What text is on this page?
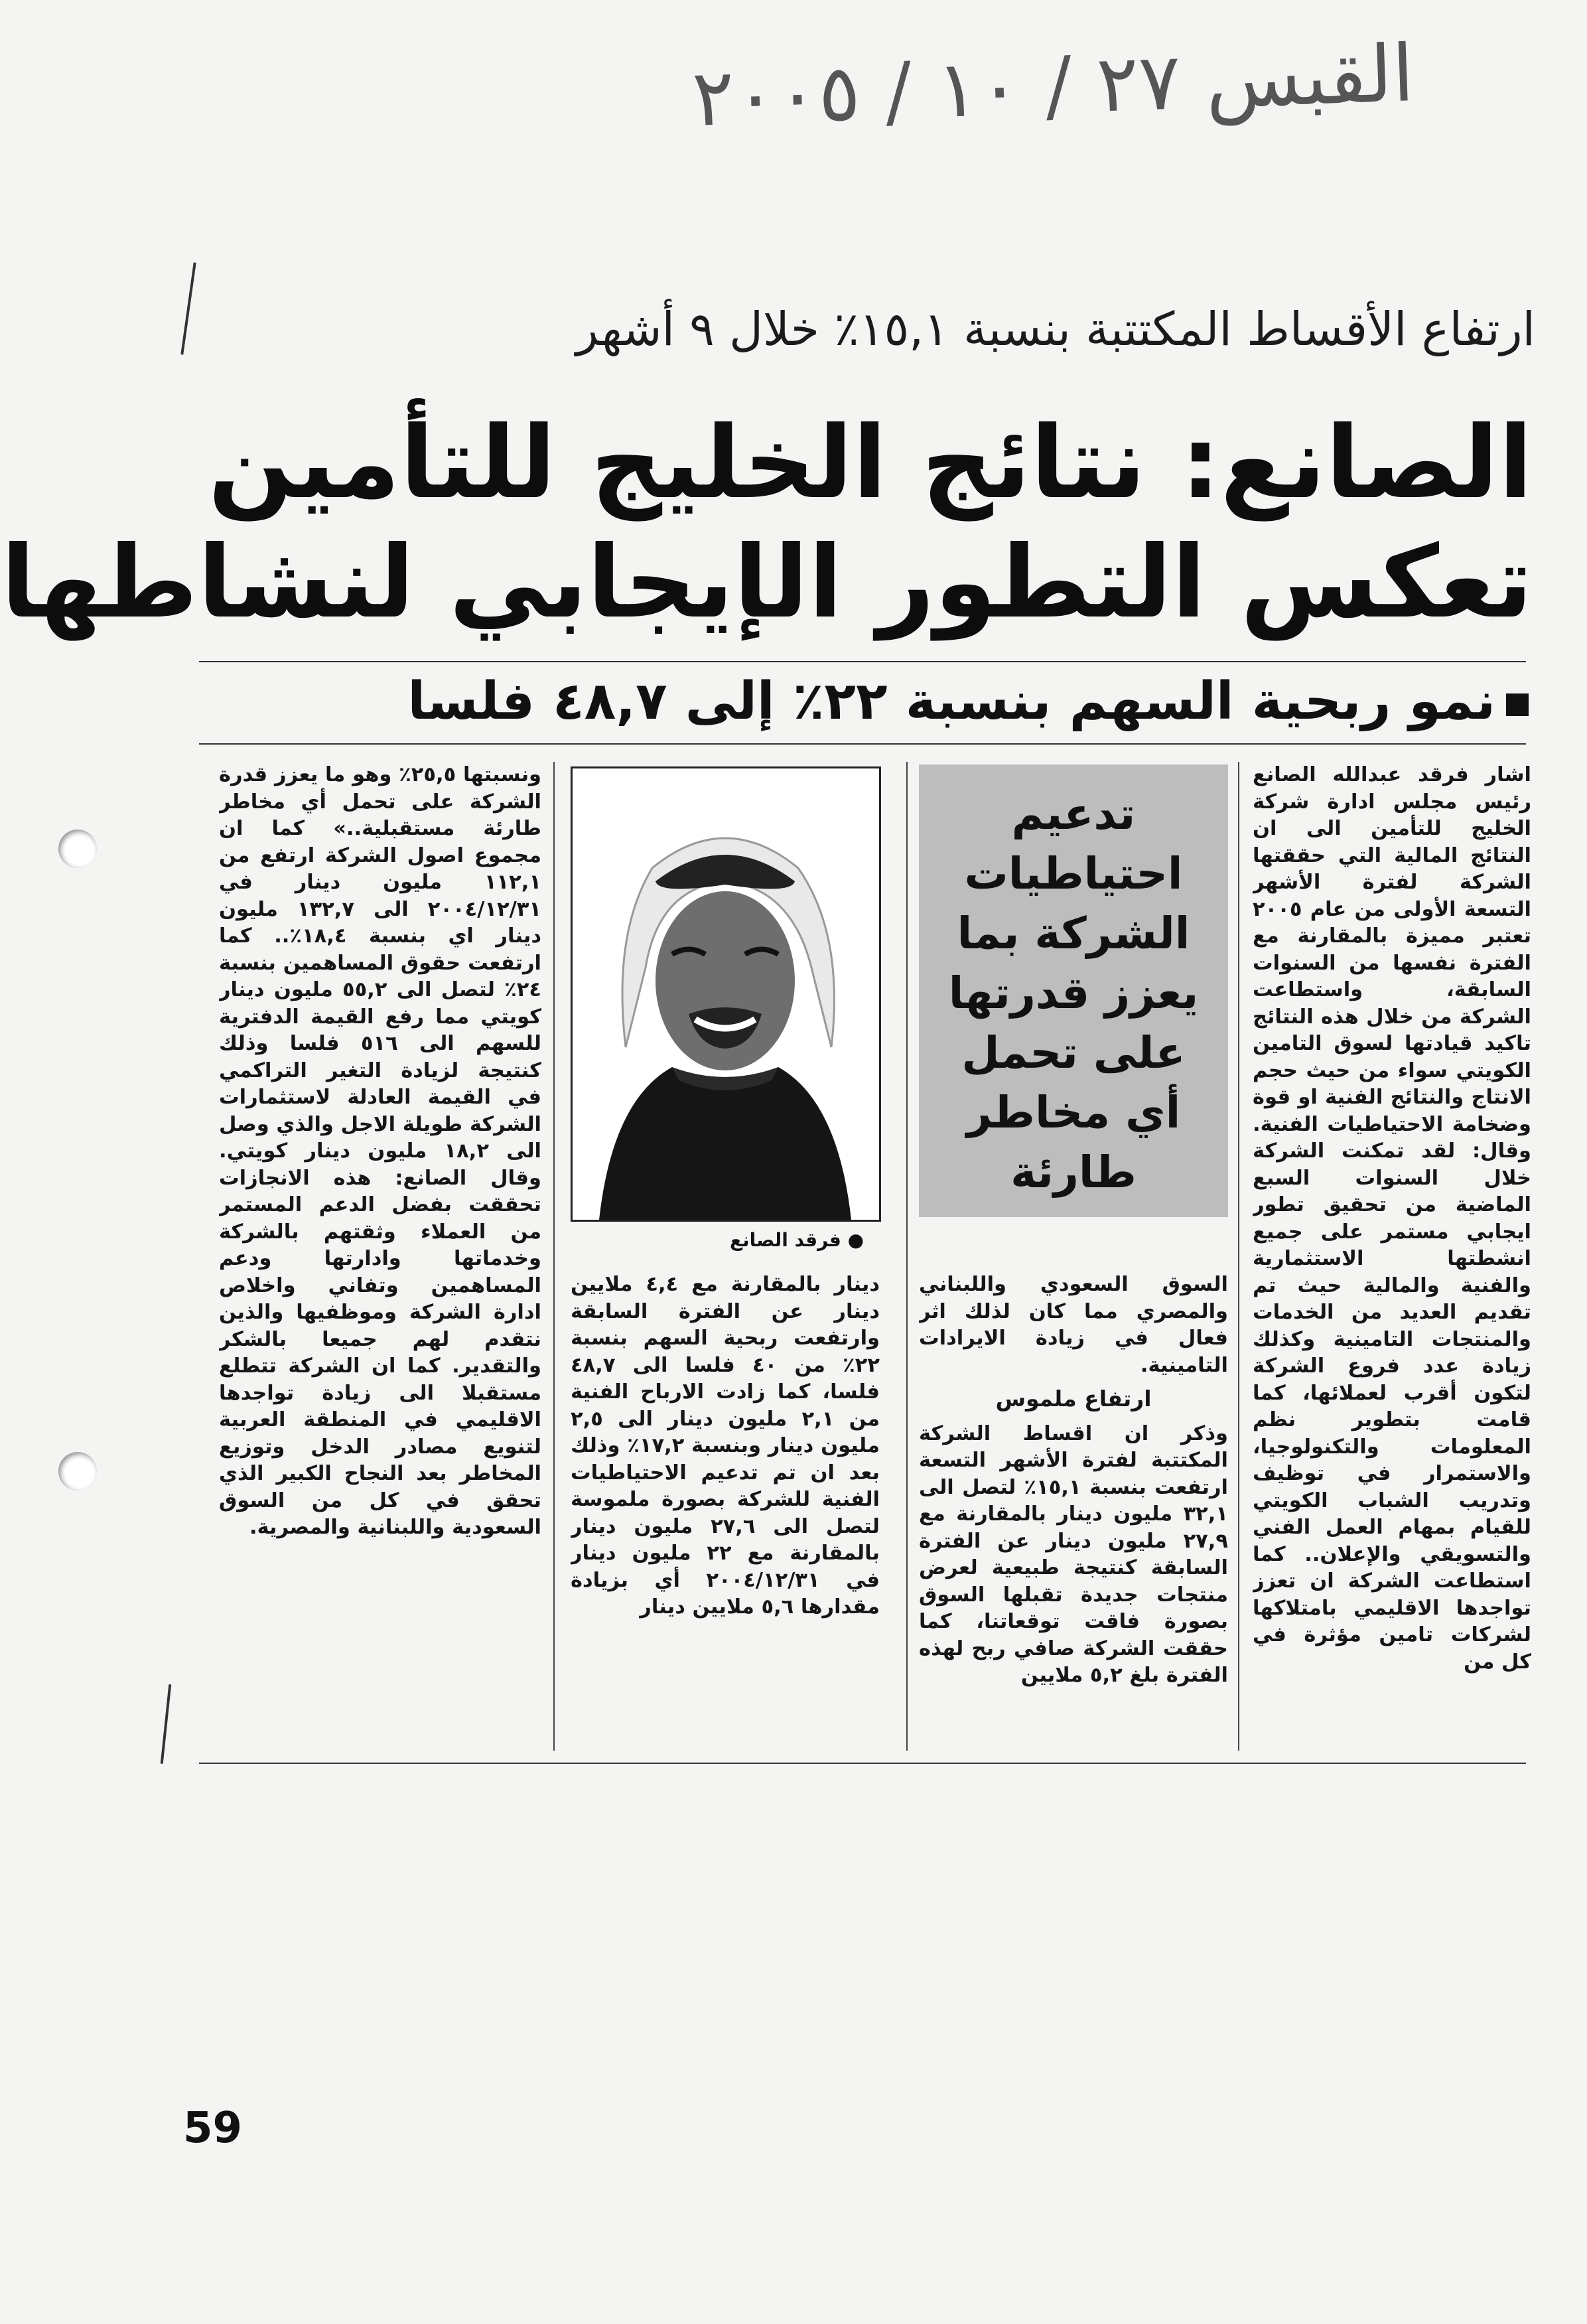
القبس ٢٧ / ١٠ / ٢٠٠٥
ارتفاع الأقساط المكتتبة بنسبة ١٥,١٪ خلال ٩ أشهر
الصانع: نتائج الخليج للتأمين
تعكس التطور الإيجابي لنشاطها
نمو ربحية السهم بنسبة ٢٢٪ إلى ٤٨,٧ فلسا

اشار فرقد عبدالله الصانع رئيس مجلس ادارة شركة الخليج للتأمين الى ان النتائج المالية التي حققتها الشركة لفترة الأشهر التسعة الأولى من عام ٢٠٠٥ تعتبر مميزة بالمقارنة مع الفترة نفسها من السنوات السابقة، واستطاعت الشركة من خلال هذه النتائج تاكيد قيادتها لسوق التامين الكويتي سواء من حيث حجم الانتاج والنتائج الفنية او قوة وضخامة الاحتياطيات الفنية. وقال: لقد تمكنت الشركة خلال السنوات السبع الماضية من تحقيق تطور ايجابي مستمر على جميع انشطتها الاستثمارية والفنية والمالية حيث تم تقديم العديد من الخدمات والمنتجات التامينية وكذلك زيادة عدد فروع الشركة لتكون أقرب لعملائها، كما قامت بتطوير نظم المعلومات والتكنولوجيا، والاستمرار في توظيف وتدريب الشباب الكويتي للقيام بمهام العمل الفني والتسويقي والإعلان.. كما استطاعت الشركة ان تعزز تواجدها الاقليمي بامتلاكها لشركات تامين مؤثرة في كل من

تدعيم احتياطيات الشركة بما يعزز قدرتها على تحمل أي مخاطر طارئة

السوق السعودي واللبناني والمصري مما كان لذلك اثر فعال في زيادة الايرادات التامينية.

ارتفاع ملموس

وذكر ان اقساط الشركة المكتتبة لفترة الأشهر التسعة ارتفعت بنسبة ١٥,١٪ لتصل الى ٣٢,١ مليون دينار بالمقارنة مع ٢٧,٩ مليون دينار عن الفترة السابقة كنتيجة طبيعية لعرض منتجات جديدة تقبلها السوق بصورة فاقت توقعاتنا، كما حققت الشركة صافي ربح لهذه الفترة بلغ ٥,٢ ملايين

● فرقد الصانع

دينار بالمقارنة مع ٤,٤ ملايين دينار عن الفترة السابقة وارتفعت ربحية السهم بنسبة ٢٢٪ من ٤٠ فلسا الى ٤٨,٧ فلسا، كما زادت الارباح الفنية من ٢,١ مليون دينار الى ٢,٥ مليون دينار وبنسبة ١٧,٢٪ وذلك بعد ان تم تدعيم الاحتياطيات الفنية للشركة بصورة ملموسة لتصل الى ٢٧,٦ مليون دينار بالمقارنة مع ٢٢ مليون دينار في ٢٠٠٤/١٢/٣١ أي بزيادة مقدارها ٥,٦ ملايين دينار

ونسبتها ٢٥,٥٪ وهو ما يعزز قدرة الشركة على تحمل أي مخاطر طارئة مستقبلية..» كما ان مجموع اصول الشركة ارتفع من ١١٢,١ مليون دينار في ٢٠٠٤/١٢/٣١ الى ١٣٢,٧ مليون دينار اي بنسبة ١٨,٤٪.. كما ارتفعت حقوق المساهمين بنسبة ٢٤٪ لتصل الى ٥٥,٢ مليون دينار كويتي مما رفع القيمة الدفترية للسهم الى ٥١٦ فلسا وذلك كنتيجة لزيادة التغير التراكمي في القيمة العادلة لاستثمارات الشركة طويلة الاجل والذي وصل الى ١٨,٢ مليون دينار كويتي. وقال الصانع: هذه الانجازات تحققت بفضل الدعم المستمر من العملاء وثقتهم بالشركة وخدماتها وادارتها ودعم المساهمين وتفاني واخلاص ادارة الشركة وموظفيها والذين نتقدم لهم جميعا بالشكر والتقدير. كما ان الشركة تتطلع مستقبلا الى زيادة تواجدها الاقليمي في المنطقة العربية لتنويع مصادر الدخل وتوزيع المخاطر بعد النجاح الكبير الذي تحقق في كل من السوق السعودية واللبنانية والمصرية.

59
